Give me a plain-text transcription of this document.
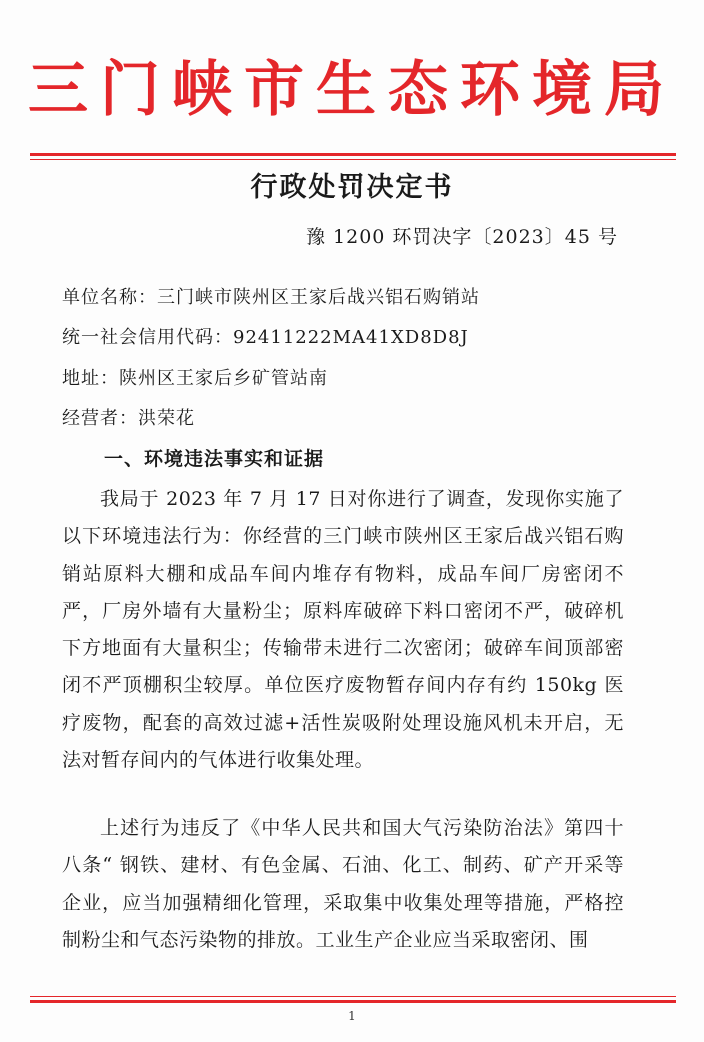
三门峡市生态环境局
行政处罚决定书
豫 1200 环罚决字〔2023〕45 号
单位名称：三门峡市陕州区王家后战兴铝石购销站
统一社会信用代码：92411222MA41XD8D8J
地址：陕州区王家后乡矿管站南
经营者：洪荣花
一、环境违法事实和证据

我局于 2023 年 7 月 17 日对你进行了调查，发现你实施了以下环境违法行为：你经营的三门峡市陕州区王家后战兴铝石购销站原料大棚和成品车间内堆存有物料，成品车间厂房密闭不严，厂房外墙有大量粉尘；原料库破碎下料口密闭不严，破碎机下方地面有大量积尘；传输带未进行二次密闭；破碎车间顶部密闭不严顶棚积尘较厚。单位医疗废物暂存间内存有约 150kg 医疗废物，配套的高效过滤+活性炭吸附处理设施风机未开启，无法对暂存间内的气体进行收集处理。

上述行为违反了《中华人民共和国大气污染防治法》第四十八条“ 钢铁、建材、有色金属、石油、化工、制药、矿产开采等企业，应当加强精细化管理，采取集中收集处理等措施，严格控制粉尘和气态污染物的排放。工业生产企业应当采取密闭、围

1
